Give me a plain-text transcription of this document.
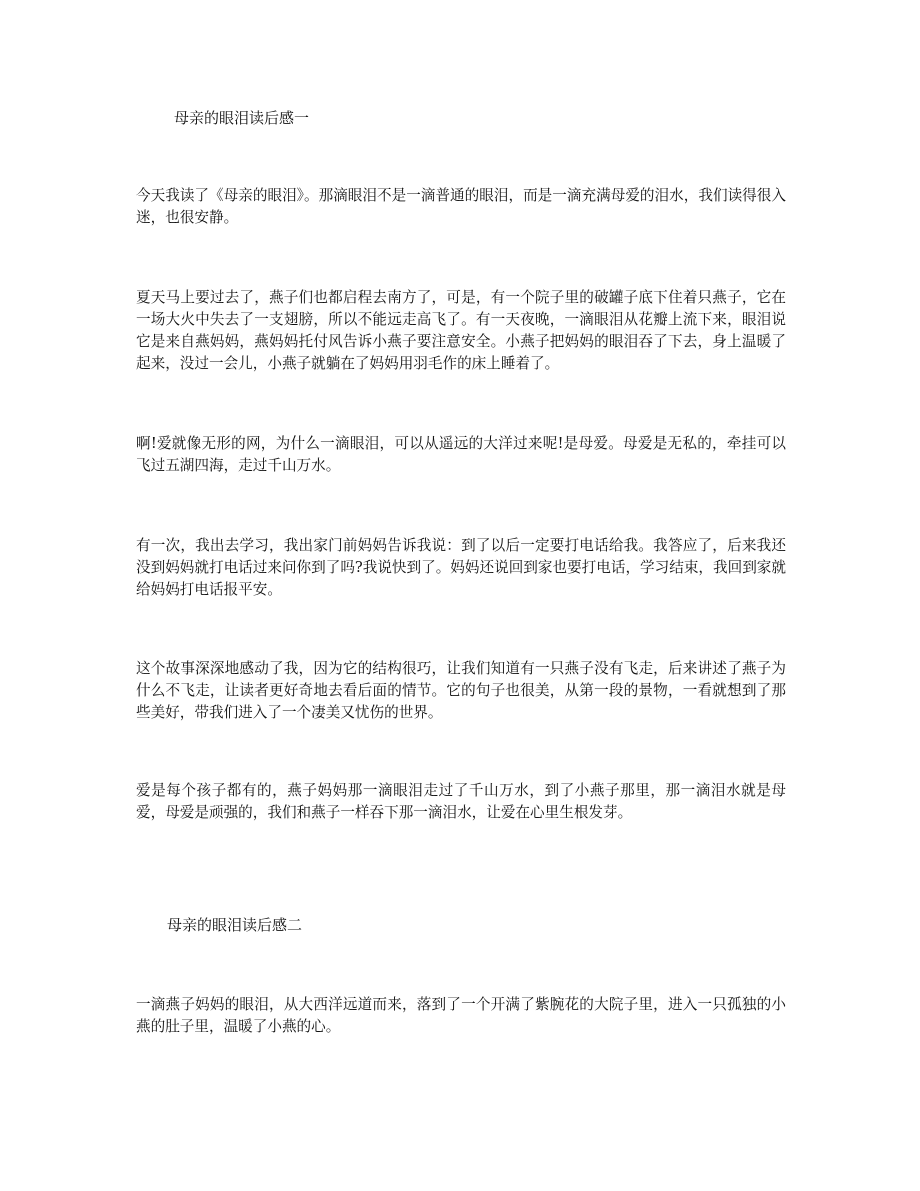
母亲的眼泪读后感一

今天我读了《母亲的眼泪》。那滴眼泪不是一滴普通的眼泪，而是一滴充满母爱的泪水，我们读得很入迷，也很安静。

夏天马上要过去了，燕子们也都启程去南方了，可是，有一个院子里的破罐子底下住着只燕子，它在一场大火中失去了一支翅膀，所以不能远走高飞了。有一天夜晚，一滴眼泪从花瓣上流下来，眼泪说它是来自燕妈妈，燕妈妈托付风告诉小燕子要注意安全。小燕子把妈妈的眼泪吞了下去，身上温暖了起来，没过一会儿，小燕子就躺在了妈妈用羽毛作的床上睡着了。

啊!爱就像无形的网，为什么一滴眼泪，可以从遥远的大洋过来呢!是母爱。母爱是无私的，牵挂可以飞过五湖四海，走过千山万水。

有一次，我出去学习，我出家门前妈妈告诉我说：到了以后一定要打电话给我。我答应了，后来我还没到妈妈就打电话过来问你到了吗?我说快到了。妈妈还说回到家也要打电话，学习结束，我回到家就给妈妈打电话报平安。

这个故事深深地感动了我，因为它的结构很巧，让我们知道有一只燕子没有飞走，后来讲述了燕子为什么不飞走，让读者更好奇地去看后面的情节。它的句子也很美，从第一段的景物，一看就想到了那些美好，带我们进入了一个凄美又忧伤的世界。

爱是每个孩子都有的，燕子妈妈那一滴眼泪走过了千山万水，到了小燕子那里，那一滴泪水就是母爱，母爱是顽强的，我们和燕子一样吞下那一滴泪水，让爱在心里生根发芽。

母亲的眼泪读后感二

一滴燕子妈妈的眼泪，从大西洋远道而来，落到了一个开满了紫腕花的大院子里，进入一只孤独的小燕的肚子里，温暖了小燕的心。
